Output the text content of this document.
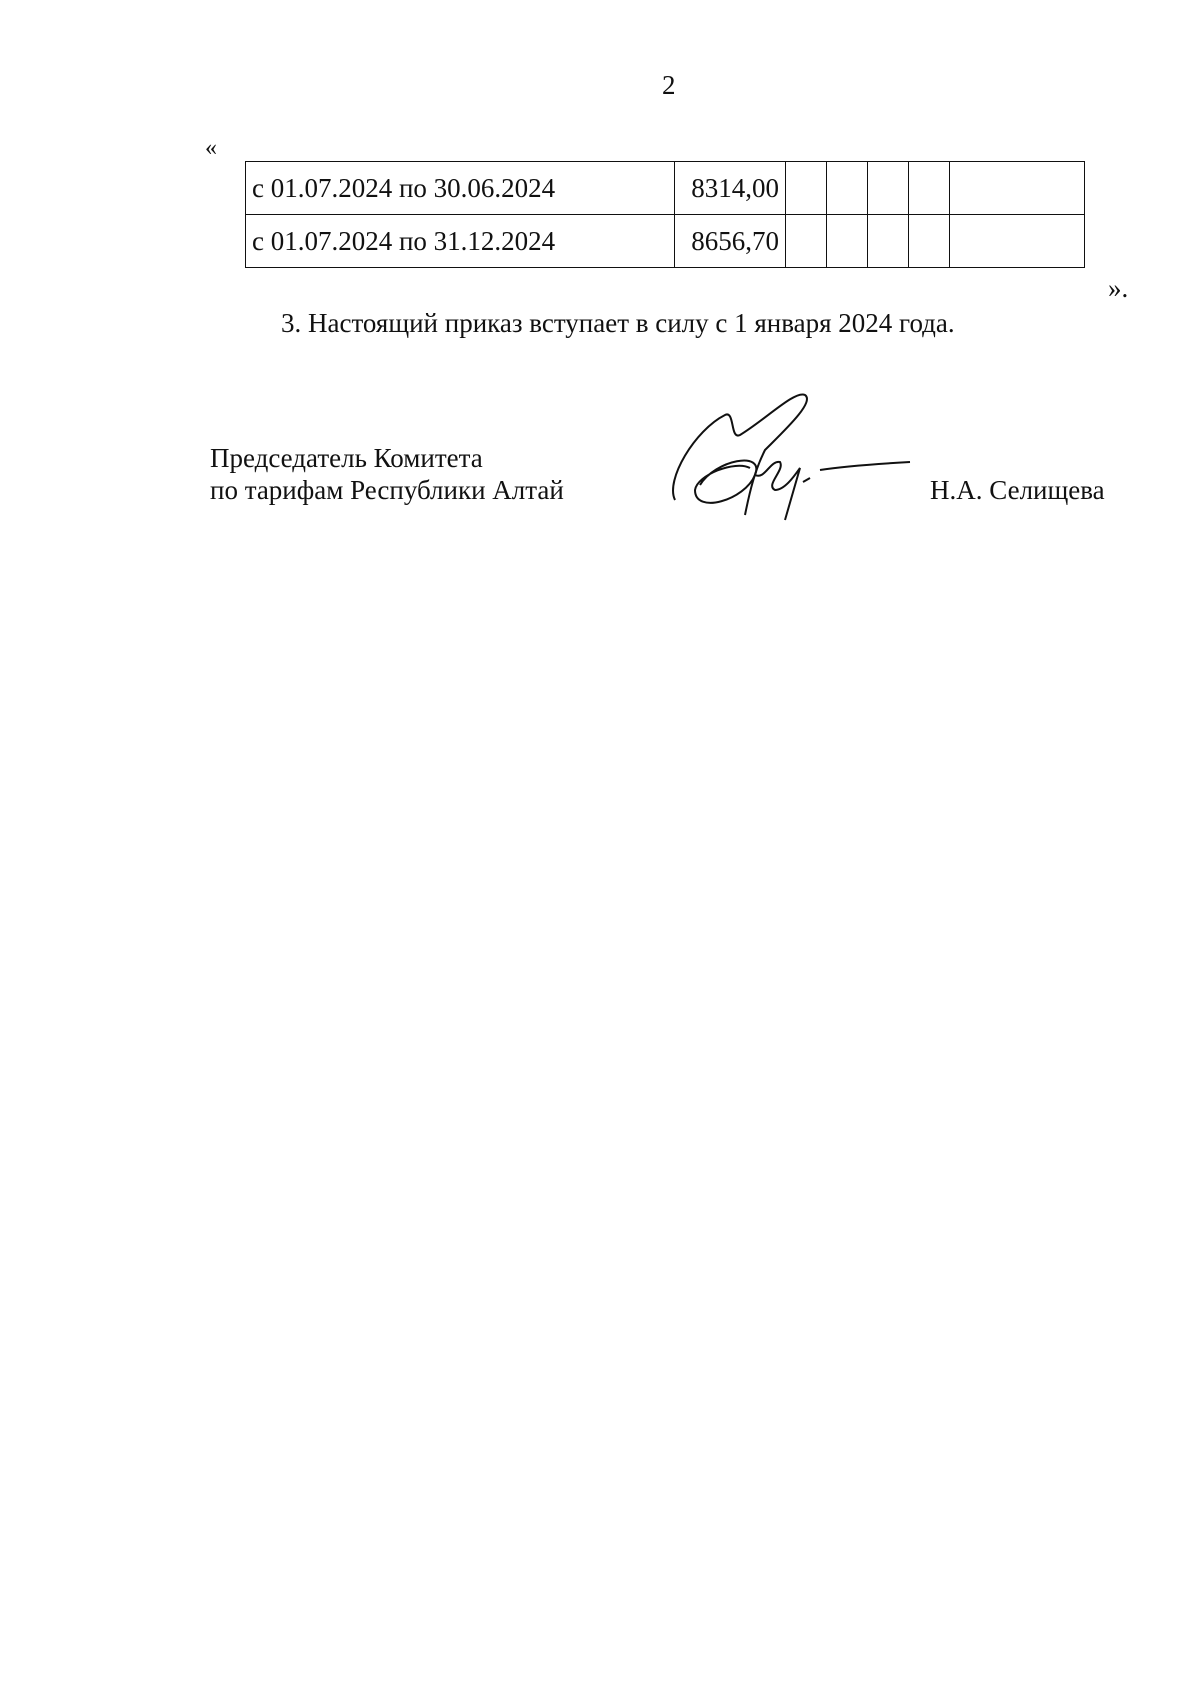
2
«
с 01.07.2024 по 30.06.2024	8314,00					
с 01.07.2024 по 31.12.2024	8656,70					
».
3. Настоящий приказ вступает в силу с 1 января 2024 года.
Председатель Комитета
по тарифам Республики Алтай	Н.А. Селищева
